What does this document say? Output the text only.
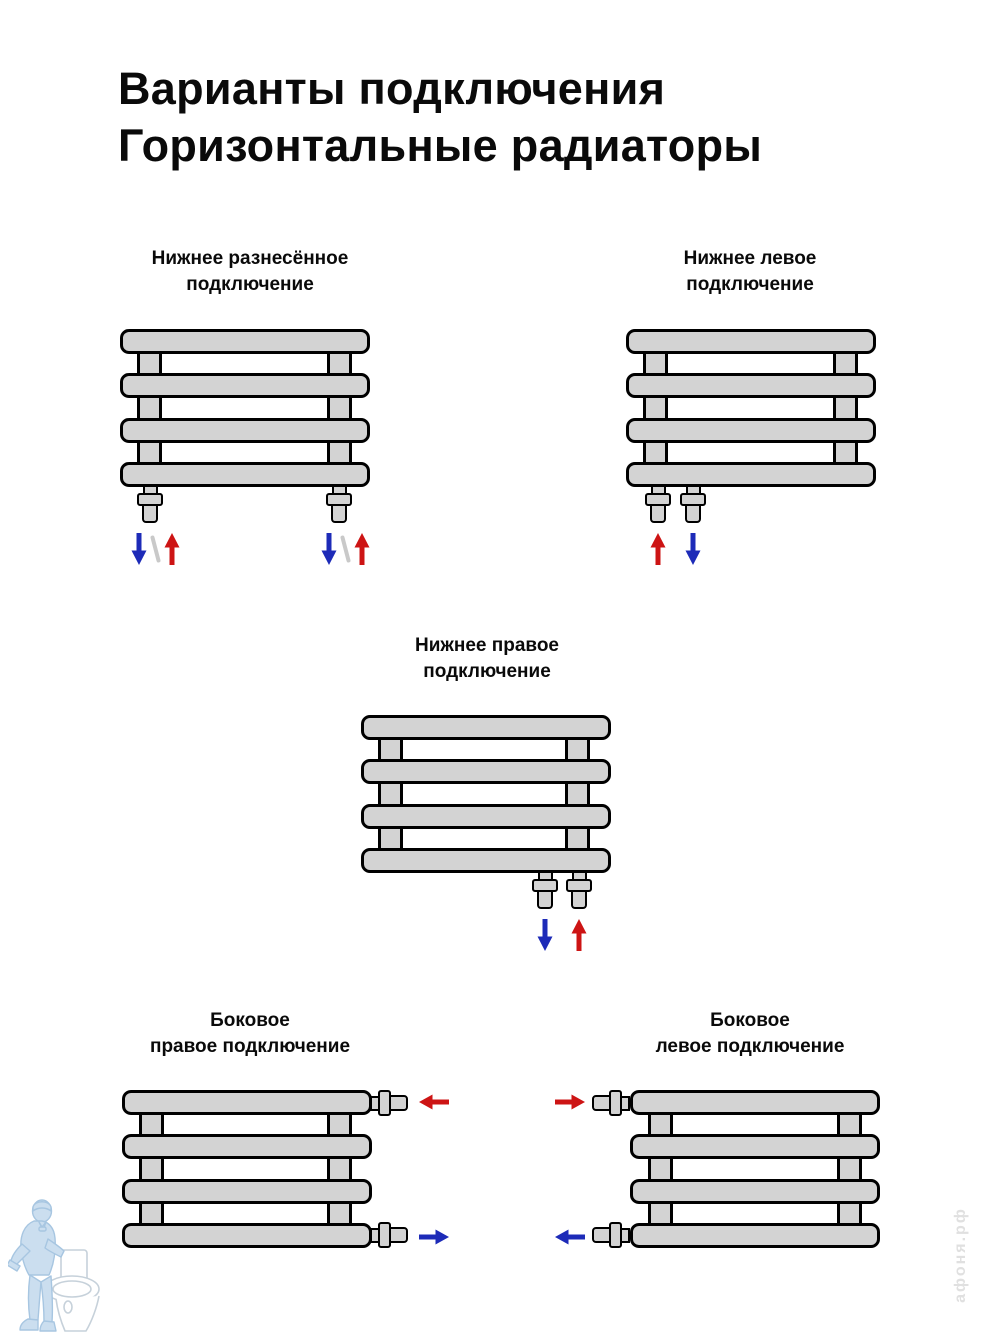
Варианты подключения
Горизонтальные радиаторы
Нижнее разнесённое
подключение
Нижнее левое
подключение
Нижнее правое
подключение
Боковое
правое подключение
Боковое
левое подключение
афоня.рф
